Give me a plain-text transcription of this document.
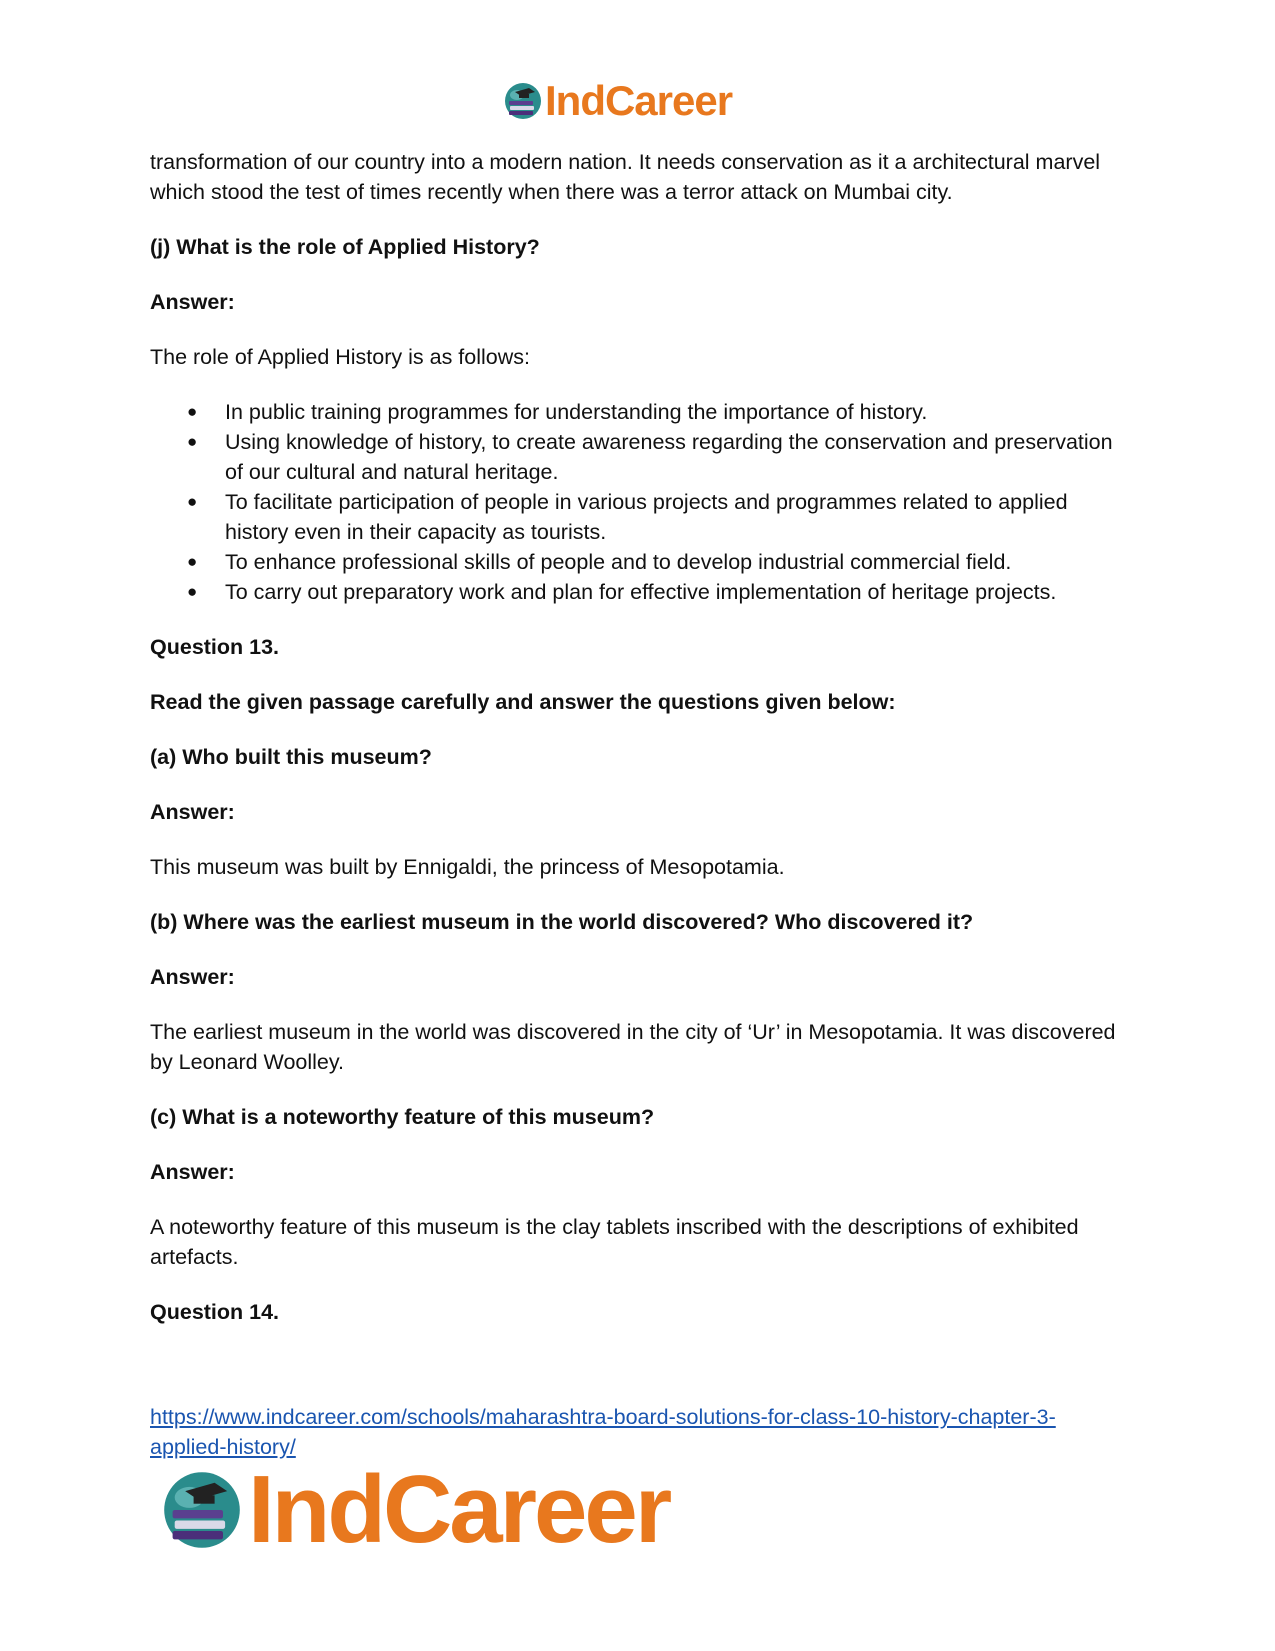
IndCareer

transformation of our country into a modern nation. It needs conservation as it a architectural marvel which stood the test of times recently when there was a terror attack on Mumbai city.

(j) What is the role of Applied History?

Answer:

The role of Applied History is as follows:

● In public training programmes for understanding the importance of history.
● Using knowledge of history, to create awareness regarding the conservation and preservation of our cultural and natural heritage.
● To facilitate participation of people in various projects and programmes related to applied history even in their capacity as tourists.
● To enhance professional skills of people and to develop industrial commercial field.
● To carry out preparatory work and plan for effective implementation of heritage projects.

Question 13.

Read the given passage carefully and answer the questions given below:

(a) Who built this museum?

Answer:

This museum was built by Ennigaldi, the princess of Mesopotamia.

(b) Where was the earliest museum in the world discovered? Who discovered it?

Answer:

The earliest museum in the world was discovered in the city of ‘Ur’ in Mesopotamia. It was discovered by Leonard Woolley.

(c) What is a noteworthy feature of this museum?

Answer:

A noteworthy feature of this museum is the clay tablets inscribed with the descriptions of exhibited artefacts.

Question 14.

https://www.indcareer.com/schools/maharashtra-board-solutions-for-class-10-history-chapter-3-applied-history/
IndCareer
